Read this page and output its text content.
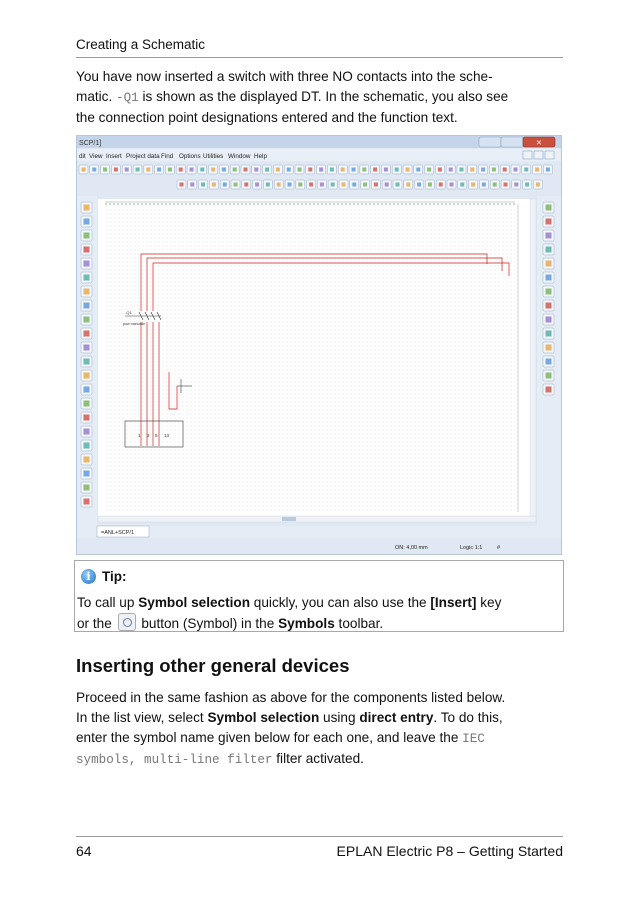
Creating a Schematic

You have now inserted a switch with three NO contacts into the sche-
matic. -Q1 is shown as the displayed DT. In the schematic, you also see
the connection point designations entered and the function text.

SCP/1]	✕
dit View Insert Project data Find Options Utilities Window Help
-Q1
pow manuaile
1 3 5 13
=ANL+SCP/1
ON: 4,00 mm	Logic 1:1	#
i Tip:
To call up Symbol selection quickly, you can also use the [Insert] key
or the  button (Symbol) in the Symbols toolbar.
Inserting other general devices

Proceed in the same fashion as above for the components listed below.
In the list view, select Symbol selection using direct entry. To do this,
enter the symbol name given below for each one, and leave the IEC
symbols, multi-line filter filter activated.

64	EPLAN Electric P8 – Getting Started
